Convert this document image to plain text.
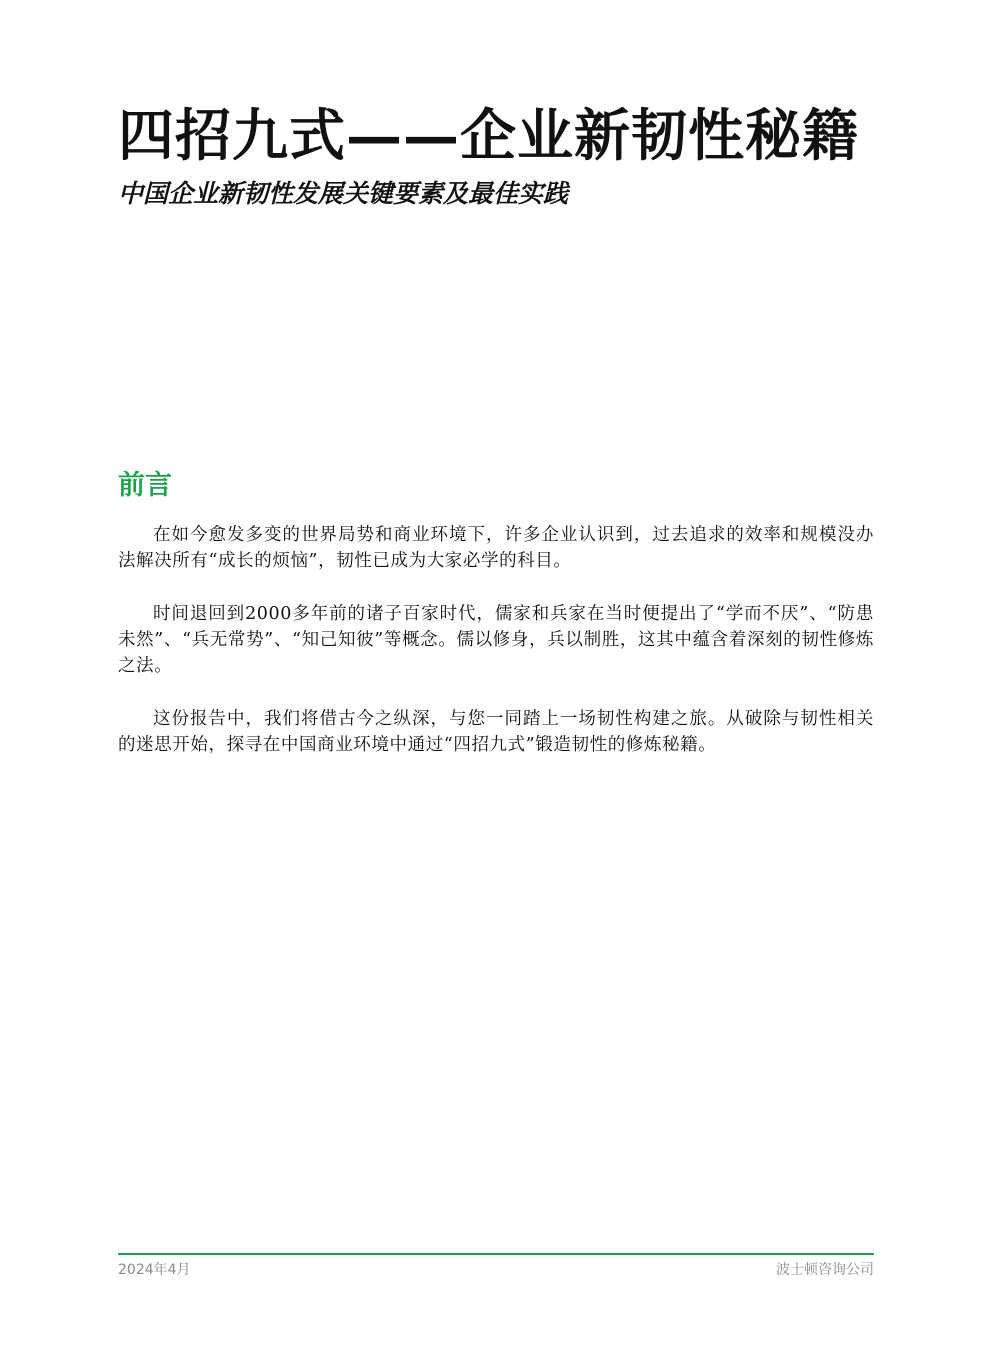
四招九式——企业新韧性秘籍
中国企业新韧性发展关键要素及最佳实践
前言

在如今愈发多变的世界局势和商业环境下，许多企业认识到，过去追求的效率和规模没办法解决所有“成长的烦恼”，韧性已成为大家必学的科目。

时间退回到2000多年前的诸子百家时代，儒家和兵家在当时便提出了“学而不厌”、“防患未然”、“兵无常势”、“知己知彼”等概念。儒以修身，兵以制胜，这其中蕴含着深刻的韧性修炼之法。

这份报告中，我们将借古今之纵深，与您一同踏上一场韧性构建之旅。从破除与韧性相关的迷思开始，探寻在中国商业环境中通过“四招九式”锻造韧性的修炼秘籍。

2024年4月	波士顿咨询公司
